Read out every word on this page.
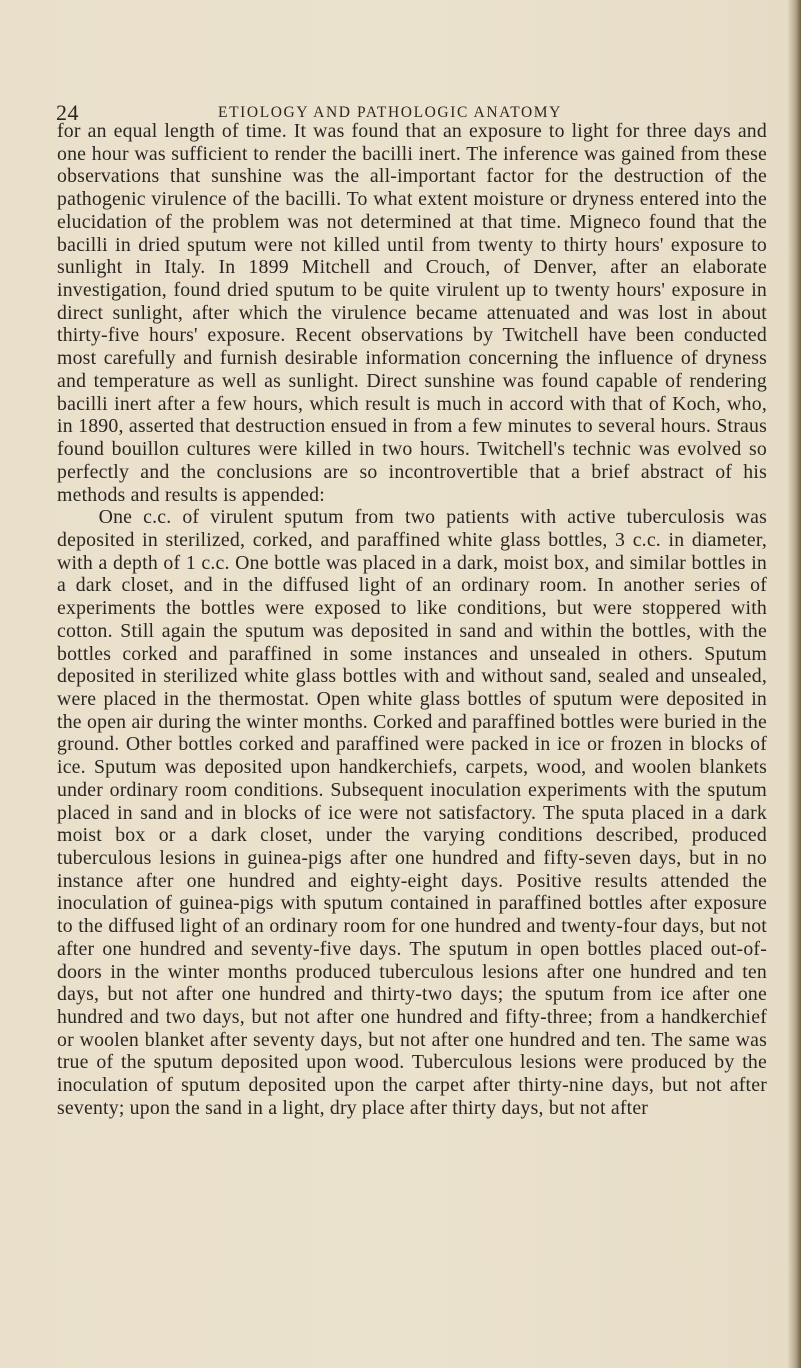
24	ETIOLOGY AND PATHOLOGIC ANATOMY

for an equal length of time. It was found that an exposure to light for three days and one hour was sufficient to render the bacilli inert. The inference was gained from these observations that sunshine was the all-important factor for the destruction of the pathogenic virulence of the bacilli. To what extent moisture or dryness entered into the elucidation of the problem was not determined at that time. Migneco found that the bacilli in dried sputum were not killed until from twenty to thirty hours' exposure to sunlight in Italy. In 1899 Mitchell and Crouch, of Denver, after an elaborate investigation, found dried sputum to be quite virulent up to twenty hours' exposure in direct sunlight, after which the virulence became attenuated and was lost in about thirty-five hours' exposure. Recent observations by Twitchell have been conducted most carefully and furnish desirable information concerning the influence of dryness and temperature as well as sunlight. Direct sunshine was found capable of rendering bacilli inert after a few hours, which result is much in accord with that of Koch, who, in 1890, asserted that destruction ensued in from a few minutes to several hours. Straus found bouillon cultures were killed in two hours. Twitchell's technic was evolved so perfectly and the conclusions are so incontrovertible that a brief abstract of his methods and results is appended:

One c.c. of virulent sputum from two patients with active tuberculosis was deposited in sterilized, corked, and paraffined white glass bottles, 3 c.c. in diameter, with a depth of 1 c.c. One bottle was placed in a dark, moist box, and similar bottles in a dark closet, and in the diffused light of an ordinary room. In another series of experiments the bottles were exposed to like conditions, but were stoppered with cotton. Still again the sputum was deposited in sand and within the bottles, with the bottles corked and paraffined in some instances and unsealed in others. Sputum deposited in sterilized white glass bottles with and without sand, sealed and unsealed, were placed in the thermostat. Open white glass bottles of sputum were deposited in the open air during the winter months. Corked and paraffined bottles were buried in the ground. Other bottles corked and paraffined were packed in ice or frozen in blocks of ice. Sputum was deposited upon handkerchiefs, carpets, wood, and woolen blankets under ordinary room conditions. Subsequent inoculation experiments with the sputum placed in sand and in blocks of ice were not satisfactory. The sputa placed in a dark moist box or a dark closet, under the varying conditions described, produced tuberculous lesions in guinea-pigs after one hundred and fifty-seven days, but in no instance after one hundred and eighty-eight days. Positive results attended the inoculation of guinea-pigs with sputum contained in paraffined bottles after exposure to the diffused light of an ordinary room for one hundred and twenty-four days, but not after one hundred and seventy-five days. The sputum in open bottles placed out-of-doors in the winter months produced tuberculous lesions after one hundred and ten days, but not after one hundred and thirty-two days; the sputum from ice after one hundred and two days, but not after one hundred and fifty-three; from a handkerchief or woolen blanket after seventy days, but not after one hundred and ten. The same was true of the sputum deposited upon wood. Tuberculous lesions were produced by the inoculation of sputum deposited upon the carpet after thirty-nine days, but not after seventy; upon the sand in a light, dry place after thirty days, but not after
